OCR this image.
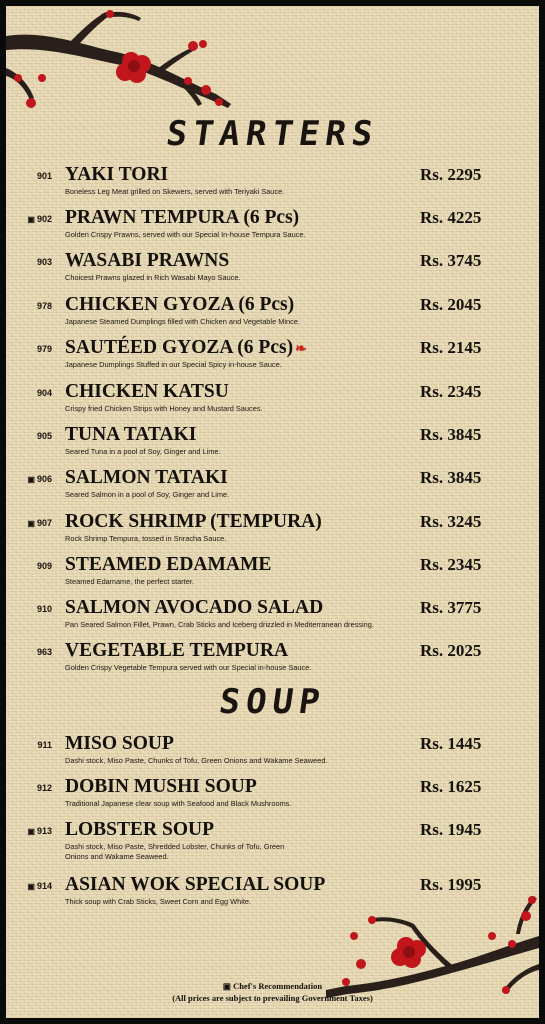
STARTERS
901 YAKI TORI
Boneless Leg Meat grilled on Skewers, served with Teriyaki Sauce.
Rs. 2295
▣ 902 PRAWN TEMPURA (6 Pcs)
Golden Crispy Prawns, served with our Special In-house Tempura Sauce.
Rs. 4225
903 WASABI PRAWNS
Choicest Prawns glazed in Rich Wasabi Mayo Sauce.
Rs. 3745
978 CHICKEN GYOZA (6 Pcs)
Japanese Steamed Dumplings filled with Chicken and Vegetable Mince.
Rs. 2045
979 SAUTÉED GYOZA (6 Pcs) ❧
Japanese Dumplings Stuffed in our Special Spicy in-house Sauce.
Rs. 2145
904 CHICKEN KATSU
Crispy fried Chicken Strips with Honey and Mustard Sauces.
Rs. 2345
905 TUNA TATAKI
Seared Tuna in a pool of Soy, Ginger and Lime.
Rs. 3845
▣ 906 SALMON TATAKI
Seared Salmon in a pool of Soy, Ginger and Lime.
Rs. 3845
▣ 907 ROCK SHRIMP (TEMPURA)
Rock Shrimp Tempura, tossed in Sriracha Sauce.
Rs. 3245
909 STEAMED EDAMAME
Steamed Edamame, the perfect starter.
Rs. 2345
910 SALMON AVOCADO SALAD
Pan Seared Salmon Fillet, Prawn, Crab Sticks and Iceberg drizzled in Mediterranean dressing.
Rs. 3775
963 VEGETABLE TEMPURA
Golden Crispy Vegetable Tempura served with our Special in-house Sauce.
Rs. 2025
SOUP
911 MISO SOUP
Dashi stock, Miso Paste, Chunks of Tofu, Green Onions and Wakame Seaweed.
Rs. 1445
912 DOBIN MUSHI SOUP
Traditional Japanese clear soup with Seafood and Black Mushrooms.
Rs. 1625
▣ 913 LOBSTER SOUP
Dashi stock, Miso Paste, Shredded Lobster, Chunks of Tofu, Green Onions and Wakame Seaweed.
Rs. 1945
▣ 914 ASIAN WOK SPECIAL SOUP
Thick soup with Crab Sticks, Sweet Corn and Egg White.
Rs. 1995
▣ Chef's Recommendation
(All prices are subject to prevailing Government Taxes)
